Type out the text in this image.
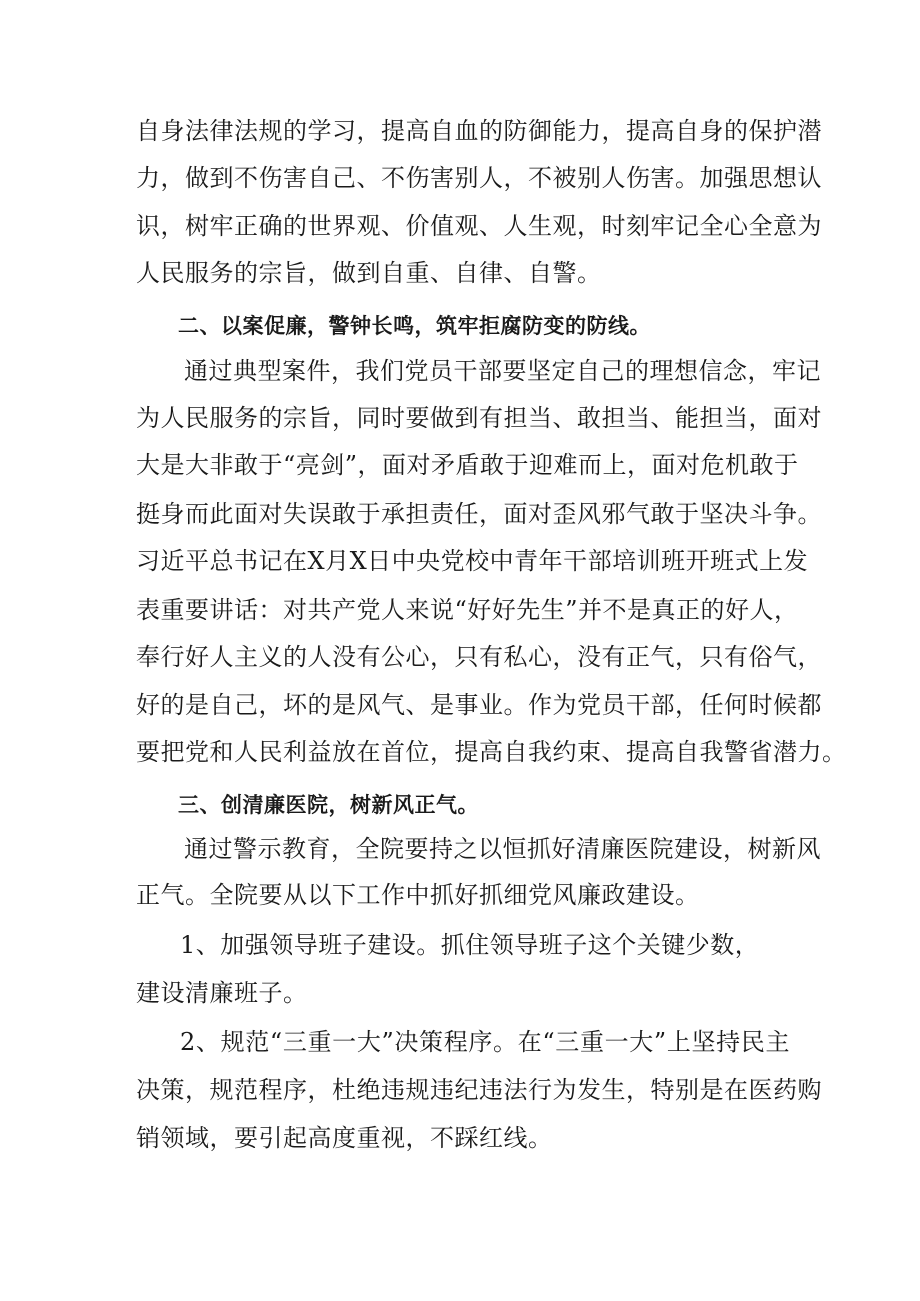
自身法律法规的学习，提高自血的防御能力，提高自身的保护潜
力，做到不伤害自己、不伤害别人，不被别人伤害。加强思想认
识，树牢正确的世界观、价值观、人生观，时刻牢记全心全意为
人民服务的宗旨，做到自重、自律、自警。
二、以案促廉，警钟长鸣，筑牢拒腐防变的防线。
通过典型案件，我们党员干部要坚定自己的理想信念，牢记
为人民服务的宗旨，同时要做到有担当、敢担当、能担当，面对
大是大非敢于“亮剑”，面对矛盾敢于迎难而上，面对危机敢于
挺身而此面对失误敢于承担责任，面对歪风邪气敢于坚决斗争。
习近平总书记在X月X日中央党校中青年干部培训班开班式上发
表重要讲话：对共产党人来说“好好先生”并不是真正的好人，
奉行好人主义的人没有公心，只有私心，没有正气，只有俗气，
好的是自己，坏的是风气、是事业。作为党员干部，任何时候都
要把党和人民利益放在首位，提高自我约束、提高自我警省潜力。
三、创清廉医院，树新风正气。
通过警示教育，全院要持之以恒抓好清廉医院建设，树新风
正气。全院要从以下工作中抓好抓细党风廉政建设。
1、加强领导班子建设。抓住领导班子这个关键少数，
建设清廉班子。
2、规范“三重一大”决策程序。在“三重一大”上坚持民主
决策，规范程序，杜绝违规违纪违法行为发生，特别是在医药购
销领域，要引起高度重视，不踩红线。
